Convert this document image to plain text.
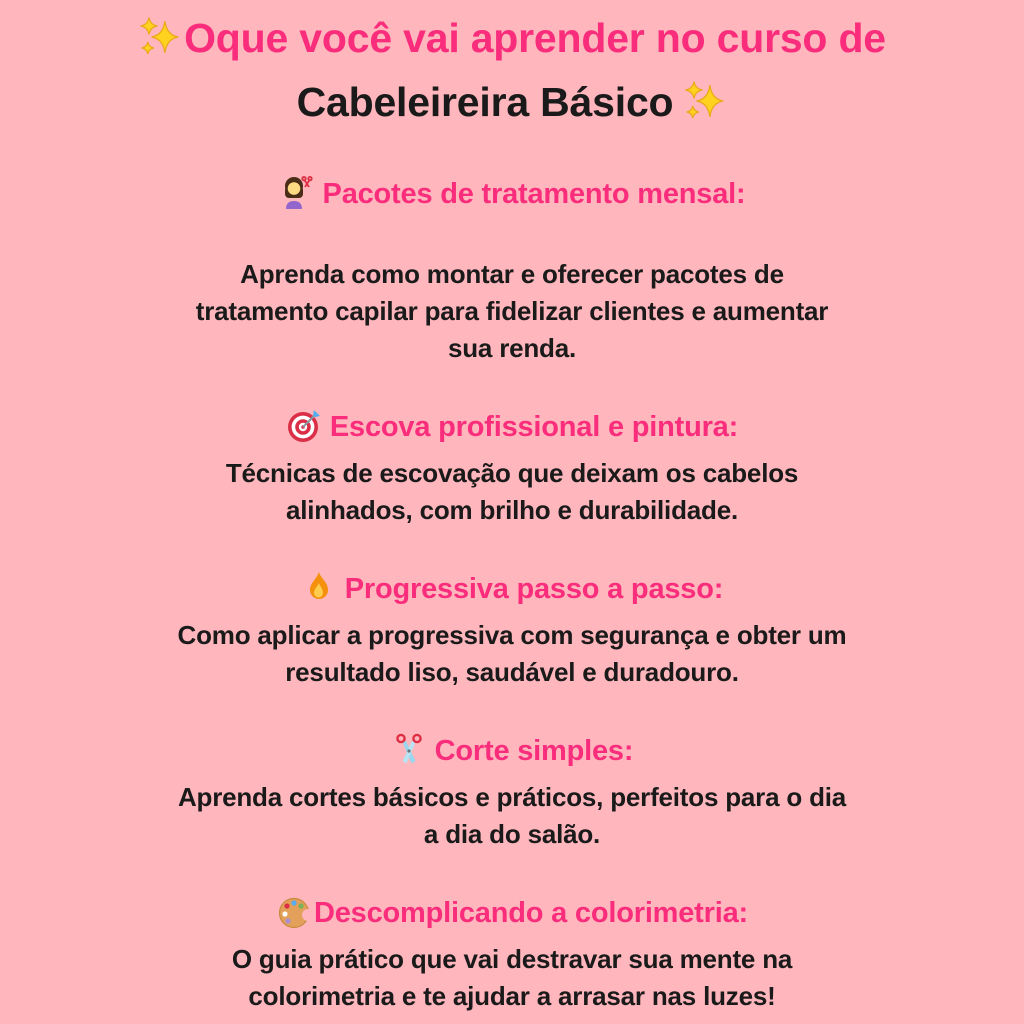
Oque você vai aprender no curso de
Cabeleireira Básico
Pacotes de tratamento mensal:

Aprenda como montar e oferecer pacotes de
tratamento capilar para fidelizar clientes e aumentar
sua renda.

Escova profissional e pintura:

Técnicas de escovação que deixam os cabelos
alinhados, com brilho e durabilidade.

Progressiva passo a passo:

Como aplicar a progressiva com segurança e obter um
resultado liso, saudável e duradouro.

Corte simples:

Aprenda cortes básicos e práticos, perfeitos para o dia
a dia do salão.

Descomplicando a colorimetria:

O guia prático que vai destravar sua mente na
colorimetria e te ajudar a arrasar nas luzes!
